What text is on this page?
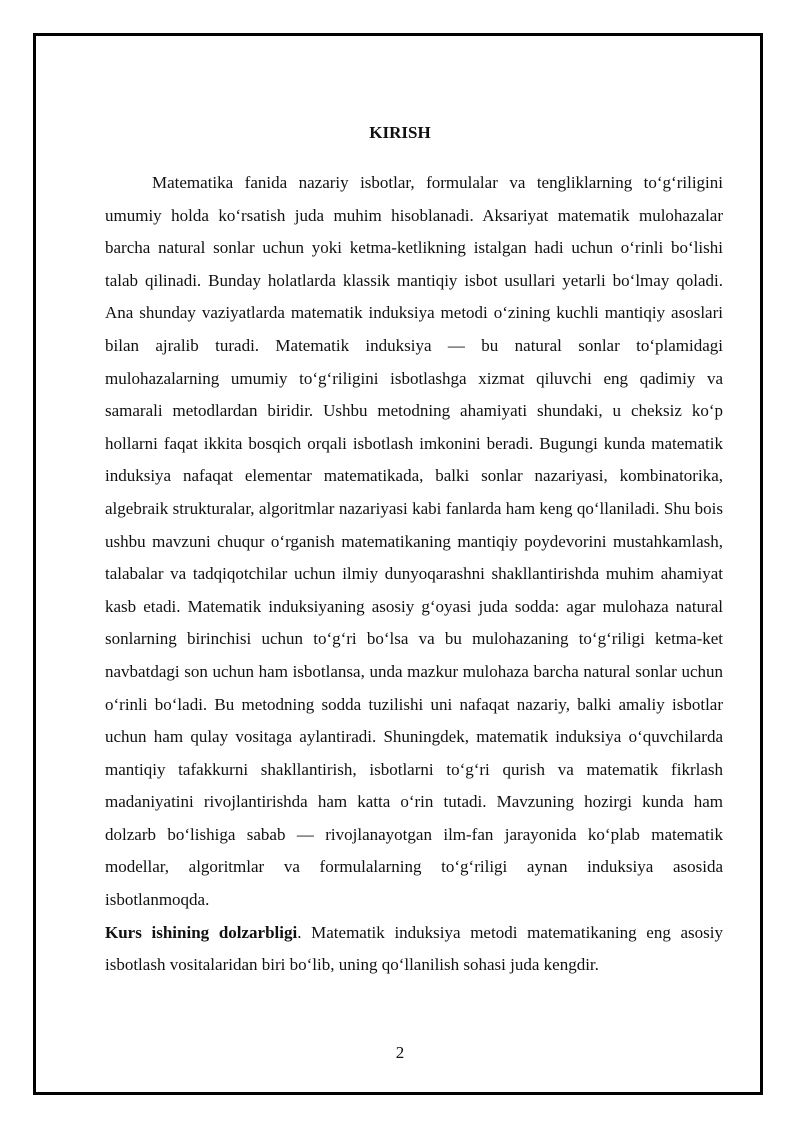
KIRISH

Matematika fanida nazariy isbotlar, formulalar va tengliklarning to‘g‘riligini umumiy holda ko‘rsatish juda muhim hisoblanadi. Aksariyat matematik mulohazalar barcha natural sonlar uchun yoki ketma-ketlikning istalgan hadi uchun o‘rinli bo‘lishi talab qilinadi. Bunday holatlarda klassik mantiqiy isbot usullari yetarli bo‘lmay qoladi. Ana shunday vaziyatlarda matematik induksiya metodi o‘zining kuchli mantiqiy asoslari bilan ajralib turadi. Matematik induksiya — bu natural sonlar to‘plamidagi mulohazalarning umumiy to‘g‘riligini isbotlashga xizmat qiluvchi eng qadimiy va samarali metodlardan biridir. Ushbu metodning ahamiyati shundaki, u cheksiz ko‘p hollarni faqat ikkita bosqich orqali isbotlash imkonini beradi. Bugungi kunda matematik induksiya nafaqat elementar matematikada, balki sonlar nazariyasi, kombinatorika, algebraik strukturalar, algoritmlar nazariyasi kabi fanlarda ham keng qo‘llaniladi. Shu bois ushbu mavzuni chuqur o‘rganish matematikaning mantiqiy poydevorini mustahkamlash, talabalar va tadqiqotchilar uchun ilmiy dunyoqarashni shakllantirishda muhim ahamiyat kasb etadi. Matematik induksiyaning asosiy g‘oyasi juda sodda: agar mulohaza natural sonlarning birinchisi uchun to‘g‘ri bo‘lsa va bu mulohazaning to‘g‘riligi ketma-ket navbatdagi son uchun ham isbotlansa, unda mazkur mulohaza barcha natural sonlar uchun o‘rinli bo‘ladi. Bu metodning sodda tuzilishi uni nafaqat nazariy, balki amaliy isbotlar uchun ham qulay vositaga aylantiradi. Shuningdek, matematik induksiya o‘quvchilarda mantiqiy tafakkurni shakllantirish, isbotlarni to‘g‘ri qurish va matematik fikrlash madaniyatini rivojlantirishda ham katta o‘rin tutadi. Mavzuning hozirgi kunda ham dolzarb bo‘lishiga sabab — rivojlanayotgan ilm-fan jarayonida ko‘plab matematik modellar, algoritmlar va formulalarning to‘g‘riligi aynan induksiya asosida isbotlanmoqda.

Kurs ishining dolzarbligi. Matematik induksiya metodi matematikaning eng asosiy isbotlash vositalaridan biri bo‘lib, uning qo‘llanilish sohasi juda kengdir.

2
